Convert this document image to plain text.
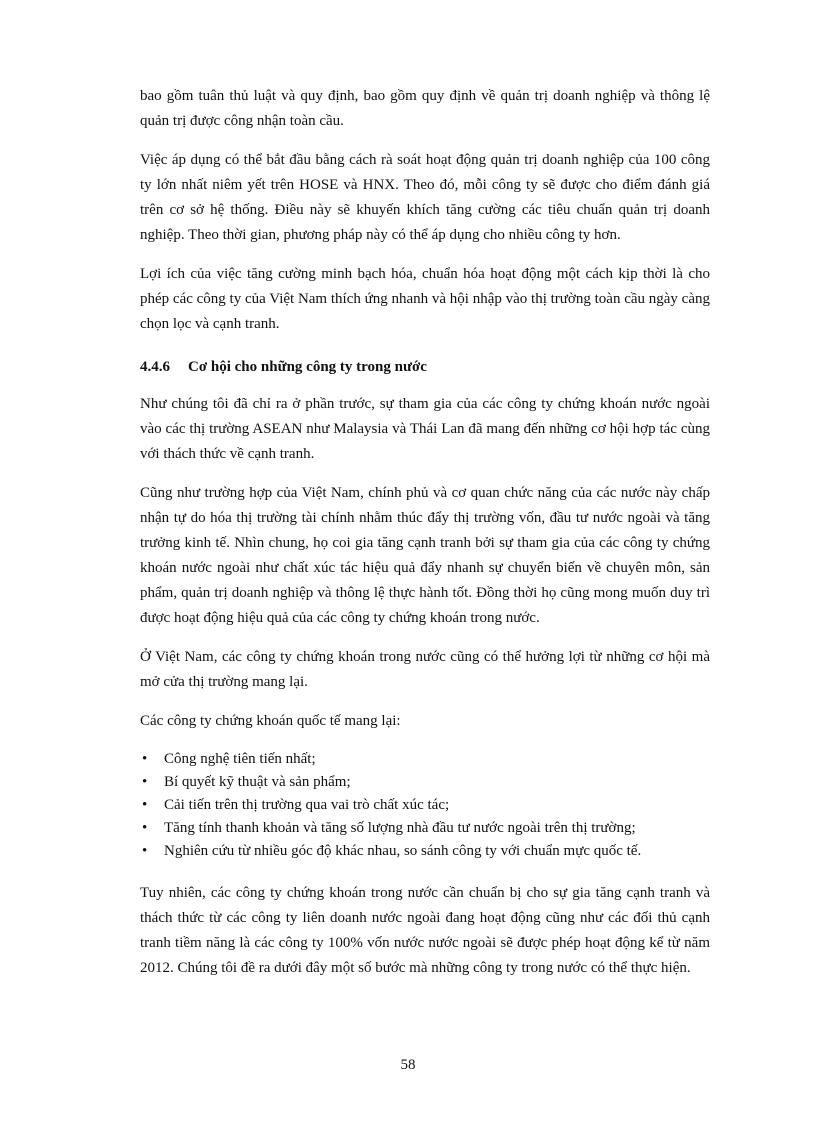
bao gồm tuân thủ luật và quy định, bao gồm quy định về quản trị doanh nghiệp và thông lệ quản trị được công nhận toàn cầu.

Việc áp dụng có thể bắt đầu bằng cách rà soát hoạt động quản trị doanh nghiệp của 100 công ty lớn nhất niêm yết trên HOSE và HNX. Theo đó, mỗi công ty sẽ được cho điểm đánh giá trên cơ sở hệ thống. Điều này sẽ khuyến khích tăng cường các tiêu chuẩn quản trị doanh nghiệp. Theo thời gian, phương pháp này có thể áp dụng cho nhiều công ty hơn.

Lợi ích của việc tăng cường minh bạch hóa, chuẩn hóa hoạt động một cách kịp thời là cho phép các công ty của Việt Nam thích ứng nhanh và hội nhập vào thị trường toàn cầu ngày càng chọn lọc và cạnh tranh.

4.4.6 Cơ hội cho những công ty trong nước

Như chúng tôi đã chỉ ra ở phần trước, sự tham gia của các công ty chứng khoán nước ngoài vào các thị trường ASEAN như Malaysia và Thái Lan đã mang đến những cơ hội hợp tác cùng với thách thức về cạnh tranh.

Cũng như trường hợp của Việt Nam, chính phủ và cơ quan chức năng của các nước này chấp nhận tự do hóa thị trường tài chính nhằm thúc đẩy thị trường vốn, đầu tư nước ngoài và tăng trưởng kinh tế. Nhìn chung, họ coi gia tăng cạnh tranh bởi sự tham gia của các công ty chứng khoán nước ngoài như chất xúc tác hiệu quả đẩy nhanh sự chuyển biến về chuyên môn, sản phẩm, quản trị doanh nghiệp và thông lệ thực hành tốt. Đồng thời họ cũng mong muốn duy trì được hoạt động hiệu quả của các công ty chứng khoán trong nước.

Ở Việt Nam, các công ty chứng khoán trong nước cũng có thể hưởng lợi từ những cơ hội mà mở cửa thị trường mang lại.

Các công ty chứng khoán quốc tế mang lại:

• Công nghệ tiên tiến nhất;
• Bí quyết kỹ thuật và sản phẩm;
• Cải tiến trên thị trường qua vai trò chất xúc tác;
• Tăng tính thanh khoản và tăng số lượng nhà đầu tư nước ngoài trên thị trường;
• Nghiên cứu từ nhiều góc độ khác nhau, so sánh công ty với chuẩn mực quốc tế.

Tuy nhiên, các công ty chứng khoán trong nước cần chuẩn bị cho sự gia tăng cạnh tranh và thách thức từ các công ty liên doanh nước ngoài đang hoạt động cũng như các đối thủ cạnh tranh tiềm năng là các công ty 100% vốn nước nước ngoài sẽ được phép hoạt động kể từ năm 2012. Chúng tôi đề ra dưới đây một số bước mà những công ty trong nước có thể thực hiện.

58
